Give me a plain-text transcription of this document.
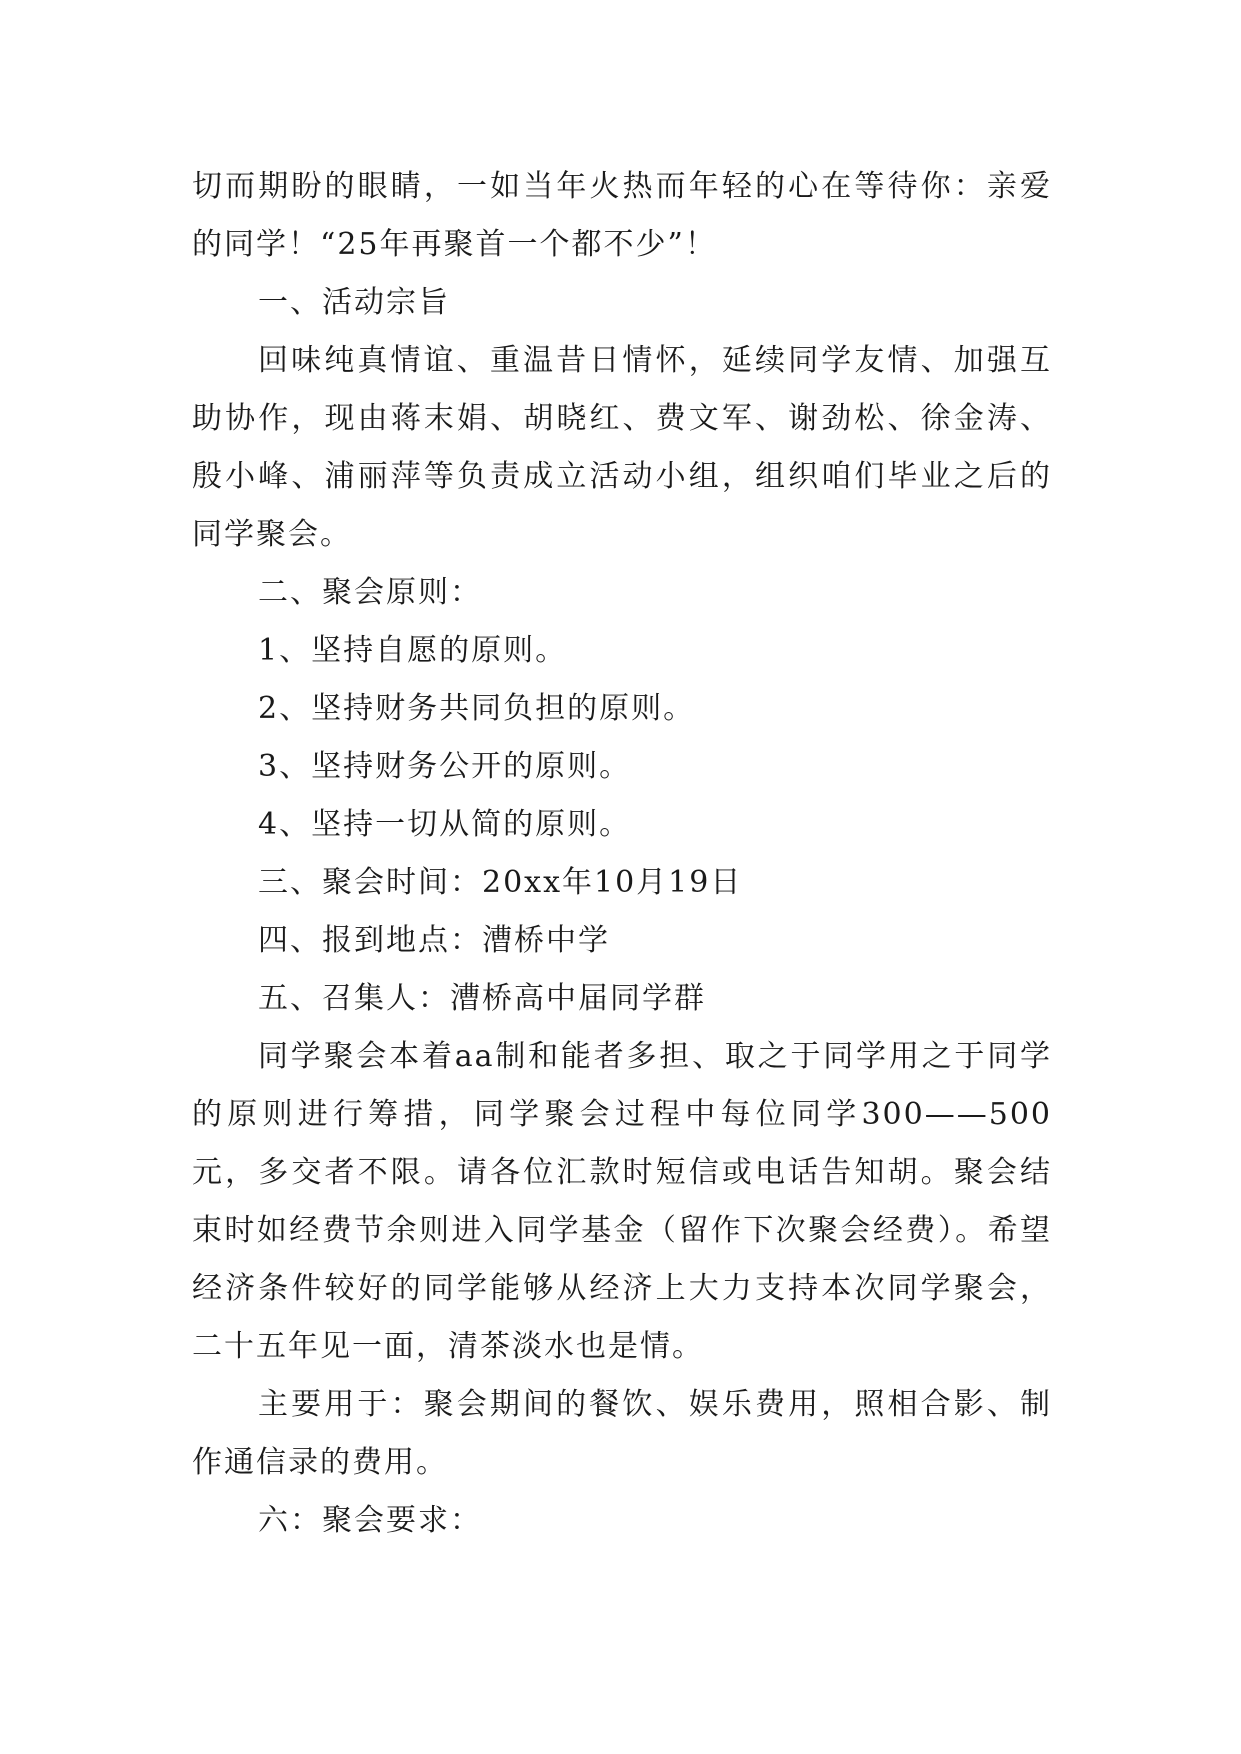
切而期盼的眼睛，一如当年火热而年轻的心在等待你：亲爱的同学！“25年再聚首一个都不少”！

一、活动宗旨

回味纯真情谊、重温昔日情怀，延续同学友情、加强互助协作，现由蒋末娟、胡晓红、费文军、谢劲松、徐金涛、殷小峰、浦丽萍等负责成立活动小组，组织咱们毕业之后的同学聚会。

二、聚会原则：

1、坚持自愿的原则。

2、坚持财务共同负担的原则。

3、坚持财务公开的原则。

4、坚持一切从简的原则。

三、聚会时间：20xx年10月19日

四、报到地点：漕桥中学

五、召集人：漕桥高中届同学群

同学聚会本着aa制和能者多担、取之于同学用之于同学的原则进行筹措，同学聚会过程中每位同学300——500元，多交者不限。请各位汇款时短信或电话告知胡。聚会结束时如经费节余则进入同学基金（留作下次聚会经费）。希望经济条件较好的同学能够从经济上大力支持本次同学聚会，二十五年见一面，清茶淡水也是情。

主要用于：聚会期间的餐饮、娱乐费用，照相合影、制作通信录的费用。

六：聚会要求：
